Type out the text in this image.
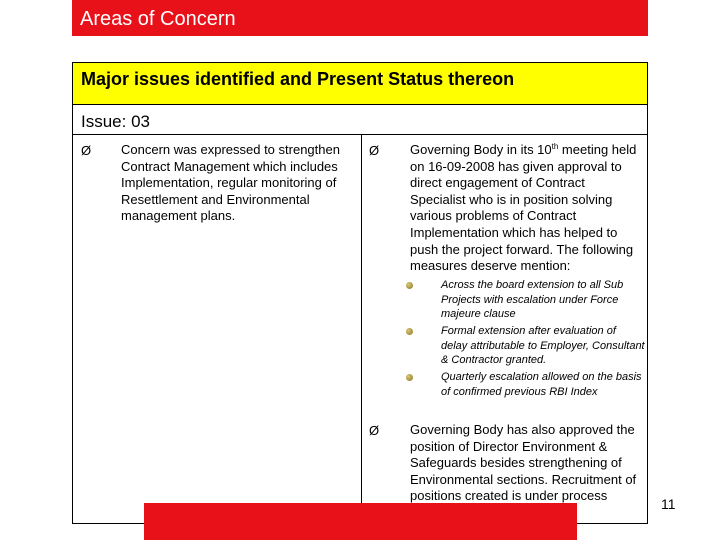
Areas of Concern
Major issues identified and Present Status thereon
Issue: 03
Ø Concern was expressed to strengthen Contract Management which includes Implementation, regular monitoring of Resettlement and Environmental management plans.
Ø Governing Body in its 10th meeting held on 16-09-2008 has given approval to direct engagement of Contract Specialist who is in position solving various problems of Contract Implementation which has helped to push the project forward. The following measures deserve mention:
Across the board extension to all Sub Projects with escalation under Force majeure clause
Formal extension after evaluation of delay attributable to Employer, Consultant & Contractor granted.
Quarterly escalation allowed on the basis of confirmed previous RBI Index
Ø Governing Body has also approved the position of Director Environment & Safeguards besides strengthening of Environmental sections. Recruitment of positions created is under process
11
